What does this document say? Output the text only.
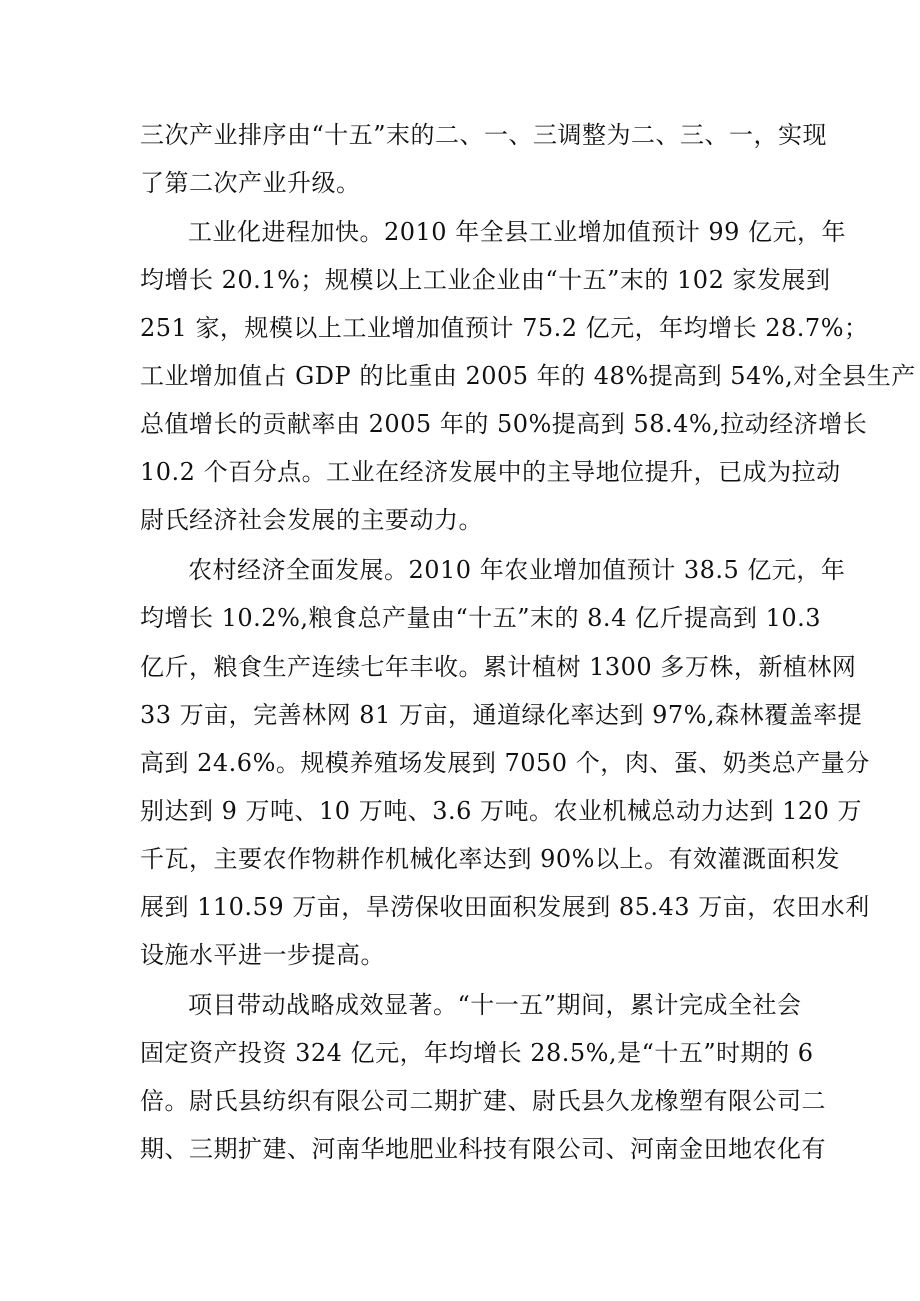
三次产业排序由“十五”末的二、一、三调整为二、三、一，实现
了第二次产业升级。
工业化进程加快。2010 年全县工业增加值预计 99 亿元，年
均增长 20.1%；规模以上工业企业由“十五”末的 102 家发展到
251 家，规模以上工业增加值预计 75.2 亿元，年均增长 28.7%；
工业增加值占 GDP 的比重由 2005 年的 48%提高到 54%,对全县生产
总值增长的贡献率由 2005 年的 50%提高到 58.4%,拉动经济增长
10.2 个百分点。工业在经济发展中的主导地位提升，已成为拉动
尉氏经济社会发展的主要动力。
农村经济全面发展。2010 年农业增加值预计 38.5 亿元，年
均增长 10.2%,粮食总产量由“十五”末的 8.4 亿斤提高到 10.3
亿斤，粮食生产连续七年丰收。累计植树 1300 多万株，新植林网
33 万亩，完善林网 81 万亩，通道绿化率达到 97%,森林覆盖率提
高到 24.6%。规模养殖场发展到 7050 个，肉、蛋、奶类总产量分
别达到 9 万吨、10 万吨、3.6 万吨。农业机械总动力达到 120 万
千瓦，主要农作物耕作机械化率达到 90%以上。有效灌溉面积发
展到 110.59 万亩，旱涝保收田面积发展到 85.43 万亩，农田水利
设施水平进一步提高。
项目带动战略成效显著。“十一五”期间，累计完成全社会
固定资产投资 324 亿元，年均增长 28.5%,是“十五”时期的 6
倍。尉氏县纺织有限公司二期扩建、尉氏县久龙橡塑有限公司二
期、三期扩建、河南华地肥业科技有限公司、河南金田地农化有
